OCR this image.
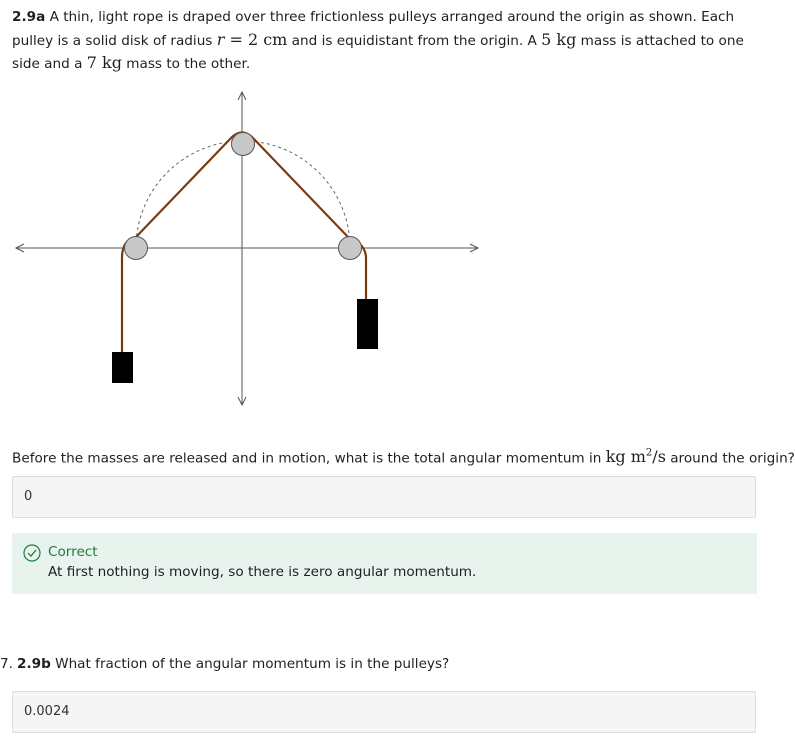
2.9a A thin, light rope is draped over three frictionless pulleys arranged around the origin as shown. Each pulley is a solid disk of radius r = 2 cm and is equidistant from the origin. A 5 kg mass is attached to one side and a 7 kg mass to the other.
Before the masses are released and in motion, what is the total angular momentum in kg $m^2/s$ around the origin?
0
Correct
At first nothing is moving, so there is zero angular momentum.
7. 2.9b What fraction of the angular momentum is in the pulleys?
0.0024
